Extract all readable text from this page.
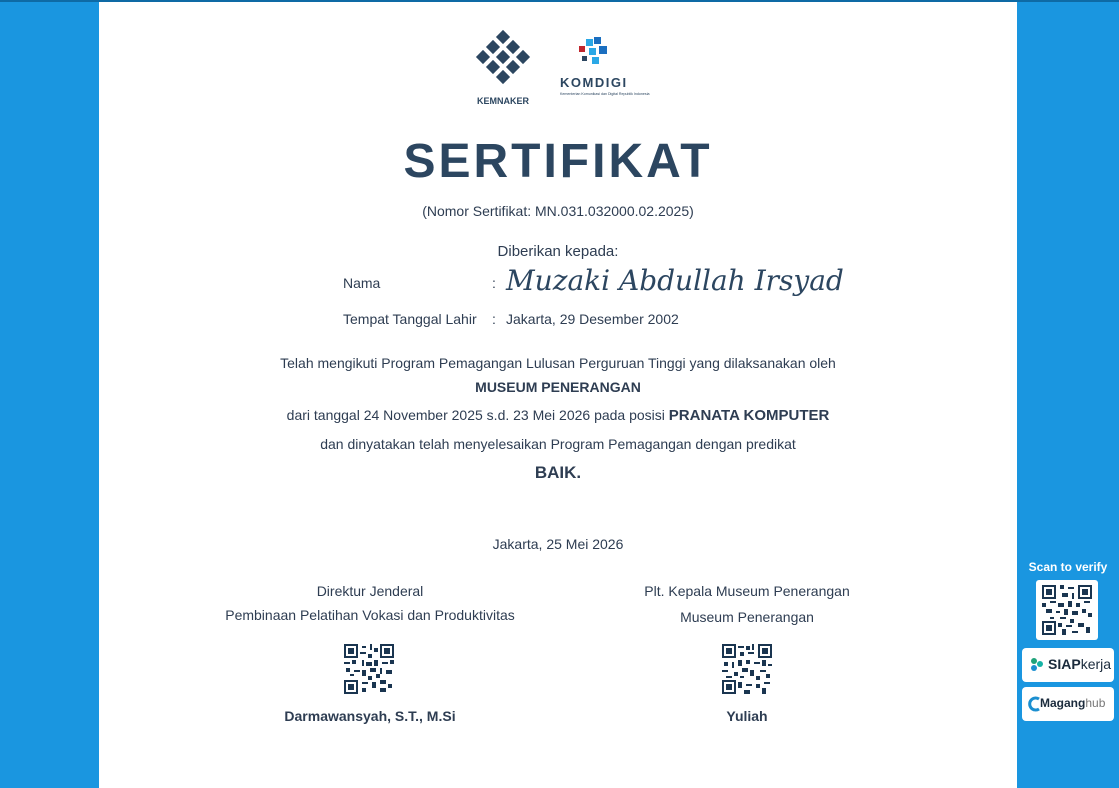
KEMNAKER
KOMDIGI
Kementerian Komunikasi dan Digital Republik Indonesia
SERTIFIKAT
(Nomor Sertifikat: MN.031.032000.02.2025)
Diberikan kepada:
Nama	: Muzaki Abdullah Irsyad
Tempat Tanggal Lahir : Jakarta, 29 Desember 2002
Telah mengikuti Program Pemagangan Lulusan Perguruan Tinggi yang dilaksanakan oleh
MUSEUM PENERANGAN
dari tanggal 24 November 2025 s.d. 23 Mei 2026 pada posisi PRANATA KOMPUTER
dan dinyatakan telah menyelesaikan Program Pemagangan dengan predikat
BAIK.
Jakarta, 25 Mei 2026
Direktur Jenderal
Pembinaan Pelatihan Vokasi dan Produktivitas
Darmawansyah, S.T., M.Si
Plt. Kepala Museum Penerangan
Museum Penerangan
Yuliah
Scan to verify
SIAPkerja
Maganghub
